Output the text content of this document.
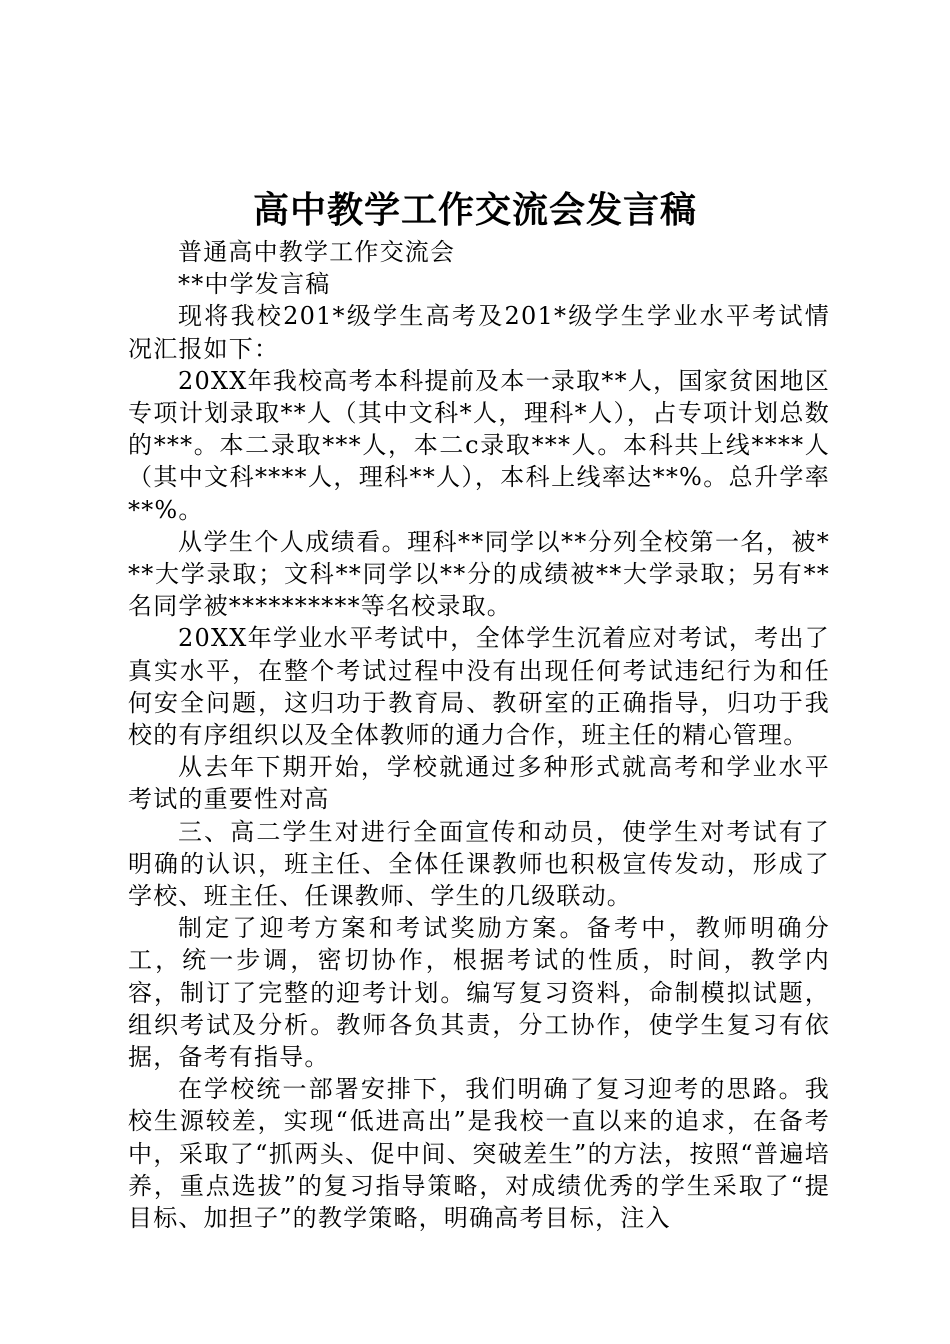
高中教学工作交流会发言稿

普通高中教学工作交流会

**中学发言稿

现将我校201*级学生高考及201*级学生学业水平考试情况汇报如下：

20XX年我校高考本科提前及本一录取**人，国家贫困地区专项计划录取**人（其中文科*人，理科*人），占专项计划总数的***。本二录取***人，本二c录取***人。本科共上线****人（其中文科****人，理科**人），本科上线率达**%。总升学率**%。

从学生个人成绩看。理科**同学以**分列全校第一名，被***大学录取；文科**同学以**分的成绩被**大学录取；另有**名同学被**********等名校录取。

20XX年学业水平考试中，全体学生沉着应对考试，考出了真实水平，在整个考试过程中没有出现任何考试违纪行为和任何安全问题，这归功于教育局、教研室的正确指导，归功于我校的有序组织以及全体教师的通力合作，班主任的精心管理。

从去年下期开始，学校就通过多种形式就高考和学业水平考试的重要性对高

三、高二学生对进行全面宣传和动员，使学生对考试有了明确的认识，班主任、全体任课教师也积极宣传发动，形成了学校、班主任、任课教师、学生的几级联动。

制定了迎考方案和考试奖励方案。备考中，教师明确分工，统一步调，密切协作，根据考试的性质，时间，教学内容，制订了完整的迎考计划。编写复习资料，命制模拟试题，组织考试及分析。教师各负其责，分工协作，使学生复习有依据，备考有指导。

在学校统一部署安排下，我们明确了复习迎考的思路。我校生源较差，实现“低进高出”是我校一直以来的追求，在备考中，采取了“抓两头、促中间、突破差生”的方法，按照“普遍培养，重点选拔”的复习指导策略，对成绩优秀的学生采取了“提目标、加担子”的教学策略，明确高考目标，注入
